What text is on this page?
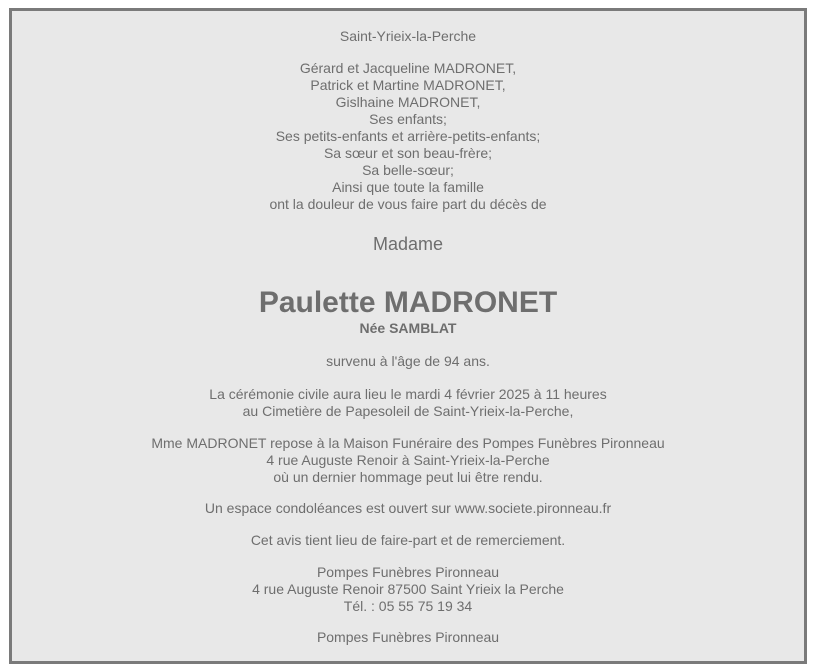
Saint-Yrieix-la-Perche
Gérard et Jacqueline MADRONET,
Patrick et Martine MADRONET,
Gislhaine MADRONET,
Ses enfants;
Ses petits-enfants et arrière-petits-enfants;
Sa sœur et son beau-frère;
Sa belle-sœur;
Ainsi que toute la famille
ont la douleur de vous faire part du décès de
Madame
Paulette MADRONET
Née SAMBLAT
survenu à l'âge de 94 ans.
La cérémonie civile aura lieu le mardi 4 février 2025 à 11 heures
au Cimetière de Papesoleil de Saint-Yrieix-la-Perche,
Mme MADRONET repose à la Maison Funéraire des Pompes Funèbres Pironneau
4 rue Auguste Renoir à Saint-Yrieix-la-Perche
où un dernier hommage peut lui être rendu.
Un espace condoléances est ouvert sur www.societe.pironneau.fr
Cet avis tient lieu de faire-part et de remerciement.
Pompes Funèbres Pironneau
4 rue Auguste Renoir 87500 Saint Yrieix la Perche
Tél. : 05 55 75 19 34
Pompes Funèbres Pironneau
